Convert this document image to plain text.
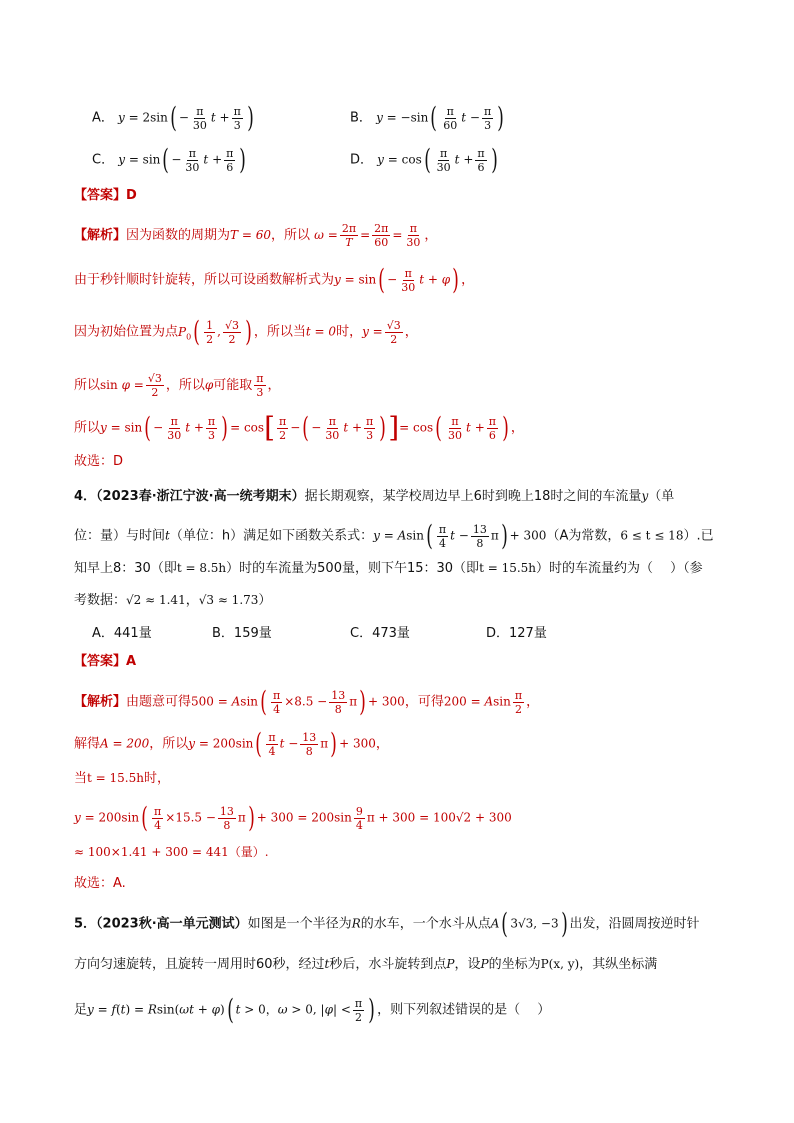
A． $y = 2\sin( - \frac{\pi}{30}$ $t + \frac{\pi}{3}$ )	B． $y = -\sin( \frac{\pi}{60}$ $t - \frac{\pi}{3}$ )
C． $y = \sin( - \frac{\pi}{30}$ $t + \frac{\pi}{6}$ )	D． $y = \cos( \frac{\pi}{30}$ $t + \frac{\pi}{6}$ )
【答案】D
【解析】因为函数的周期为T = 60，所以 $\omega = \frac{2\pi}{T} = \frac{2\pi}{60} = \frac{\pi}{30}$ ，
由于秒针顺时针旋转，所以可设函数解析式为$y = \sin( - \frac{\pi}{30}$ t + φ) ，
因为初始位置为点$P_0( \frac{1}{2}$ , $\frac{√3}{2}$ ) ，所以当t = 0时，$y = \frac{√3}{2}$ ，
所以$\sin \varphi = \frac{√3}{2}$ ，所以φ可能取 $\frac{\pi}{3}$ ，
所以$y = \sin( - \frac{\pi}{30}$ $t + \frac{\pi}{3}$ ) = $\cos[ \frac{\pi}{2}$ −( − $\frac{\pi}{30}$ $t + \frac{\pi}{3}$ )]= $\cos( \frac{\pi}{30}$ $t + \frac{\pi}{6}$ ) ，
故选：D
4．（2023春·浙江宁波·高一统考期末）据长期观察，某学校周边早上6时到晚上18时之间的车流量y（单
位：量）与时间t（单位：h）满足如下函数关系式：$y = Asin( \frac{\pi}{4}$ $t - \frac{13}{8} \pi) + 300(A$为常数，6 ≤ t ≤ 18）.已
知早上8：30（即t = 8.5h）时的车流量为500量，则下午15：30（即t = 15.5h）时的车流量约为（　 ）（参
考数据：√2 ≈ 1.41，√3 ≈ 1.73）
A．441量	B．159量	C．473量	D．127量
【答案】A
【解析】由题意可得$500 = Asin( \frac{\pi}{4} \times 8.5 - \frac{13}{8} \pi) + 300$，可得200 = Asin $\frac{\pi}{2}$ ，
解得A = 200，所以$y = 200\sin( \frac{\pi}{4}$ $t - \frac{13}{8} \pi) + 300$，
当t = 15.5h时，
$y = 200\sin( \frac{\pi}{4} \times 15.5 - \frac{13}{8} \pi) + 300 = 200\sin \frac{9}{4}$ π + 300 = 100√2 + 300
≈ 100×1.41 + 300 = 441（量）.
故选：A.
5．（2023秋·高一单元测试）如图是一个半径为R的水车，一个水斗从点A( 3√3, −3) 出发，沿圆周按逆时针
方向匀速旋转，且旋转一周用时60秒，经过t秒后，水斗旋转到点P，设P的坐标为P(x, y)，其纵坐标满
足y = f(t) = Rsin(ωt + φ)( t > 0，ω > 0, $|\varphi| < \frac{\pi}{2}$ ) ，则下列叙述错误的是（　 ）
